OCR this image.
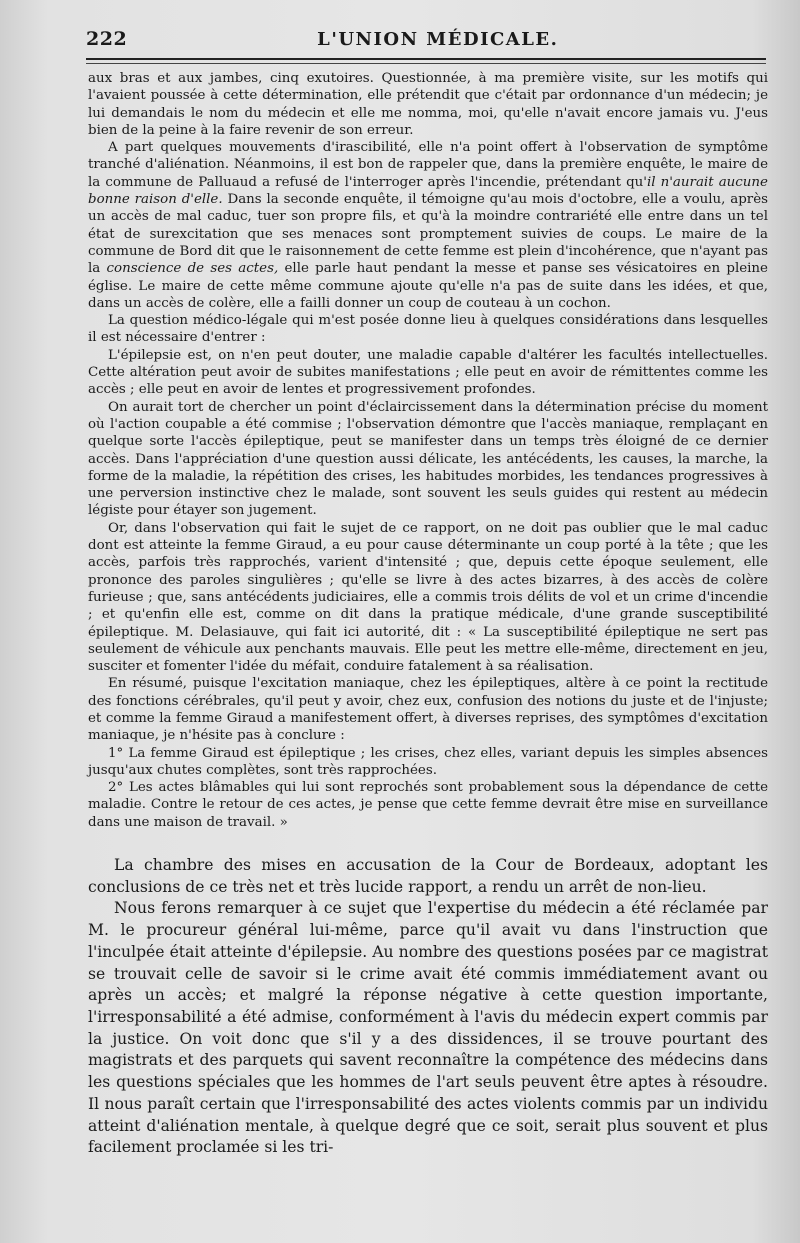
222	L'UNION MÉDICALE.

aux bras et aux jambes, cinq exutoires. Questionnée, à ma première visite, sur les motifs qui l'avaient poussée à cette détermination, elle prétendit que c'était par ordonnance d'un médecin; je lui demandais le nom du médecin et elle me nomma, moi, qu'elle n'avait encore jamais vu. J'eus bien de la peine à la faire revenir de son erreur.

A part quelques mouvements d'irascibilité, elle n'a point offert à l'observation de symptôme tranché d'aliénation. Néanmoins, il est bon de rappeler que, dans la première enquête, le maire de la commune de Palluaud a refusé de l'interroger après l'incendie, prétendant qu'il n'aurait aucune bonne raison d'elle. Dans la seconde enquête, il témoigne qu'au mois d'octobre, elle a voulu, après un accès de mal caduc, tuer son propre fils, et qu'à la moindre contrariété elle entre dans un tel état de surexcitation que ses menaces sont promptement suivies de coups. Le maire de la commune de Bord dit que le raisonnement de cette femme est plein d'incohérence, que n'ayant pas la conscience de ses actes, elle parle haut pendant la messe et panse ses vésicatoires en pleine église. Le maire de cette même commune ajoute qu'elle n'a pas de suite dans les idées, et que, dans un accès de colère, elle a failli donner un coup de couteau à un cochon.

La question médico-légale qui m'est posée donne lieu à quelques considérations dans lesquelles il est nécessaire d'entrer :

L'épilepsie est, on n'en peut douter, une maladie capable d'altérer les facultés intellectuelles. Cette altération peut avoir de subites manifestations ; elle peut en avoir de rémittentes comme les accès ; elle peut en avoir de lentes et progressivement profondes.

On aurait tort de chercher un point d'éclaircissement dans la détermination précise du moment où l'action coupable a été commise ; l'observation démontre que l'accès maniaque, remplaçant en quelque sorte l'accès épileptique, peut se manifester dans un temps très éloigné de ce dernier accès. Dans l'appréciation d'une question aussi délicate, les antécédents, les causes, la marche, la forme de la maladie, la répétition des crises, les habitudes morbides, les tendances progressives à une perversion instinctive chez le malade, sont souvent les seuls guides qui restent au médecin légiste pour étayer son jugement.

Or, dans l'observation qui fait le sujet de ce rapport, on ne doit pas oublier que le mal caduc dont est atteinte la femme Giraud, a eu pour cause déterminante un coup porté à la tête ; que les accès, parfois très rapprochés, varient d'intensité ; que, depuis cette époque seulement, elle prononce des paroles singulières ; qu'elle se livre à des actes bizarres, à des accès de colère furieuse ; que, sans antécédents judiciaires, elle a commis trois délits de vol et un crime d'incendie ; et qu'enfin elle est, comme on dit dans la pratique médicale, d'une grande susceptibilité épileptique. M. Delasiauve, qui fait ici autorité, dit : « La susceptibilité épileptique ne sert pas seulement de véhicule aux penchants mauvais. Elle peut les mettre elle-même, directement en jeu, susciter et fomenter l'idée du méfait, conduire fatalement à sa réalisation.

En résumé, puisque l'excitation maniaque, chez les épileptiques, altère à ce point la rectitude des fonctions cérébrales, qu'il peut y avoir, chez eux, confusion des notions du juste et de l'injuste; et comme la femme Giraud a manifestement offert, à diverses reprises, des symptômes d'excitation maniaque, je n'hésite pas à conclure :

1° La femme Giraud est épileptique ; les crises, chez elles, variant depuis les simples absences jusqu'aux chutes complètes, sont très rapprochées.

2° Les actes blâmables qui lui sont reprochés sont probablement sous la dépendance de cette maladie. Contre le retour de ces actes, je pense que cette femme devrait être mise en surveillance dans une maison de travail. »

La chambre des mises en accusation de la Cour de Bordeaux, adoptant les conclusions de ce très net et très lucide rapport, a rendu un arrêt de non-lieu.

Nous ferons remarquer à ce sujet que l'expertise du médecin a été réclamée par M. le procureur général lui-même, parce qu'il avait vu dans l'instruction que l'inculpée était atteinte d'épilepsie. Au nombre des questions posées par ce magistrat se trouvait celle de savoir si le crime avait été commis immédiatement avant ou après un accès; et malgré la réponse négative à cette question importante, l'irresponsabilité a été admise, conformément à l'avis du médecin expert commis par la justice. On voit donc que s'il y a des dissidences, il se trouve pourtant des magistrats et des parquets qui savent reconnaître la compétence des médecins dans les questions spéciales que les hommes de l'art seuls peuvent être aptes à résoudre. Il nous paraît certain que l'irresponsabilité des actes violents commis par un individu atteint d'aliénation mentale, à quelque degré que ce soit, serait plus souvent et plus facilement proclamée si les tri-
